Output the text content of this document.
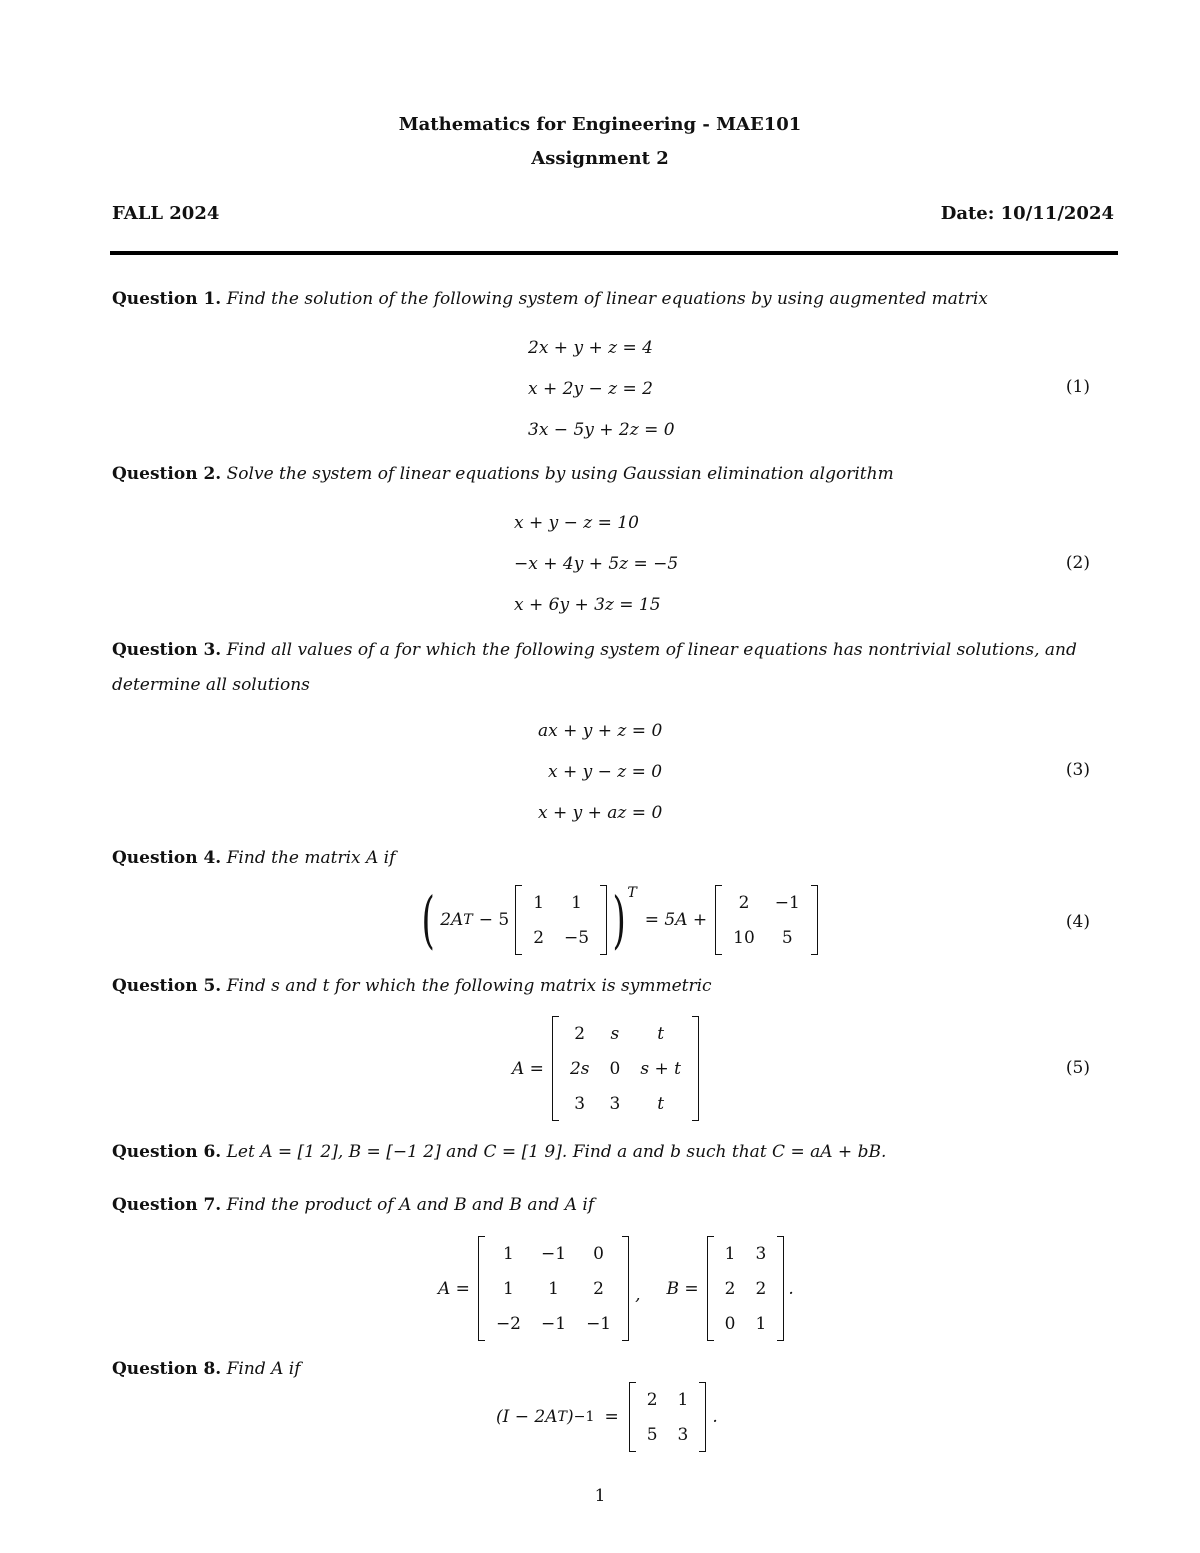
Mathematics for Engineering - MAE101
Assignment 2
FALL 2024	Date: 10/11/2024
Question 1. Find the solution of the following system of linear equations by using augmented matrix
2x + y + z = 4
x + 2y − z = 2
3x − 5y + 2z = 0
(1)
Question 2. Solve the system of linear equations by using Gaussian elimination algorithm
x + y − z = 10
−x + 4y + 5z = −5
x + 6y + 3z = 15
(2)
Question 3. Find all values of a for which the following system of linear equations has nontrivial solutions, and determine all solutions
ax + y + z = 0
x + y − z = 0
x + y + az = 0
(3)
Question 4. Find the matrix A if
( 2A T − 5
1	1
2	−5 )$^T$
= 5A +
2	−1
10	5
(4)
Question 5. Find s and t for which the following matrix is symmetric
A =
2	s	t
2s	0	s + t
3	3	t
(5)
Question 6. Let A = [1 2], B = [−1 2] and C = [1 9]. Find a and b such that C = aA + bB.
Question 7. Find the product of A and B and B and A if
A =
1	−1	0
1	1	2
−2	−1	−1
, B =
1	3
2	2
0	1
.
Question 8. Find A if
(I − 2A T ) −1 =
2	1
5	3
.
1
